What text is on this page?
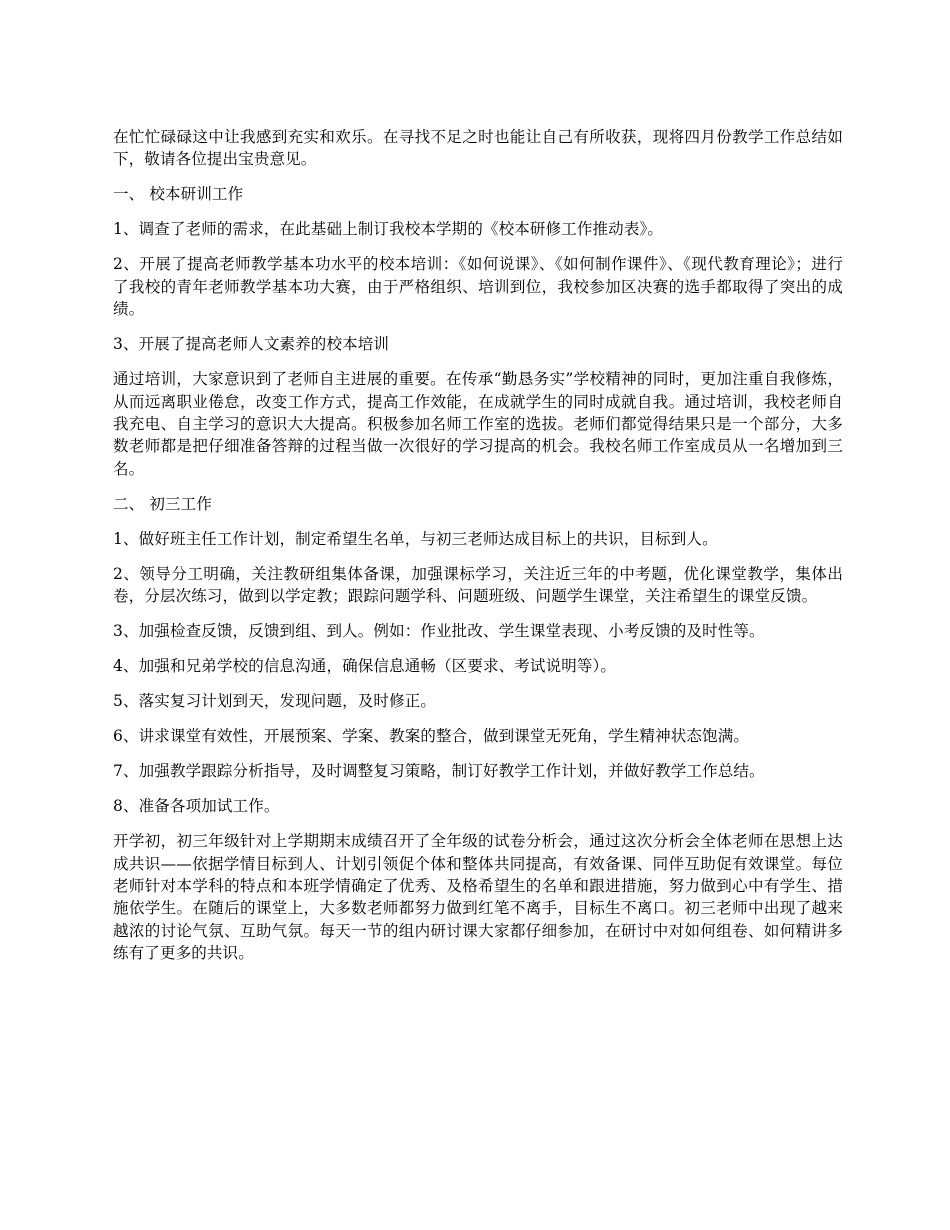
在忙忙碌碌这中让我感到充实和欢乐。在寻找不足之时也能让自己有所收获，现将四月份教学工作总结如下，敬请各位提出宝贵意见。

一、 校本研训工作

1、调查了老师的需求，在此基础上制订我校本学期的《校本研修工作推动表》。

2、开展了提高老师教学基本功水平的校本培训：《如何说课》、《如何制作课件》、《现代教育理论》；进行了我校的青年老师教学基本功大赛，由于严格组织、培训到位，我校参加区决赛的选手都取得了突出的成绩。

3、开展了提高老师人文素养的校本培训

通过培训，大家意识到了老师自主进展的重要。在传承“勤恳务实”学校精神的同时，更加注重自我修炼，从而远离职业倦怠，改变工作方式，提高工作效能，在成就学生的同时成就自我。通过培训，我校老师自我充电、自主学习的意识大大提高。积极参加名师工作室的选拔。老师们都觉得结果只是一个部分，大多数老师都是把仔细准备答辩的过程当做一次很好的学习提高的机会。我校名师工作室成员从一名增加到三名。

二、 初三工作

1、做好班主任工作计划，制定希望生名单，与初三老师达成目标上的共识，目标到人。

2、领导分工明确，关注教研组集体备课，加强课标学习，关注近三年的中考题，优化课堂教学，集体出卷，分层次练习，做到以学定教；跟踪问题学科、问题班级、问题学生课堂，关注希望生的课堂反馈。

3、加强检查反馈，反馈到组、到人。例如：作业批改、学生课堂表现、小考反馈的及时性等。

4、加强和兄弟学校的信息沟通，确保信息通畅（区要求、考试说明等）。

5、落实复习计划到天，发现问题，及时修正。

6、讲求课堂有效性，开展预案、学案、教案的整合，做到课堂无死角，学生精神状态饱满。

7、加强教学跟踪分析指导，及时调整复习策略，制订好教学工作计划，并做好教学工作总结。

8、准备各项加试工作。

开学初，初三年级针对上学期期末成绩召开了全年级的试卷分析会，通过这次分析会全体老师在思想上达成共识——依据学情目标到人、计划引领促个体和整体共同提高，有效备课、同伴互助促有效课堂。每位老师针对本学科的特点和本班学情确定了优秀、及格希望生的名单和跟进措施，努力做到心中有学生、措施依学生。在随后的课堂上，大多数老师都努力做到红笔不离手，目标生不离口。初三老师中出现了越来越浓的讨论气氛、互助气氛。每天一节的组内研讨课大家都仔细参加，在研讨中对如何组卷、如何精讲多练有了更多的共识。
